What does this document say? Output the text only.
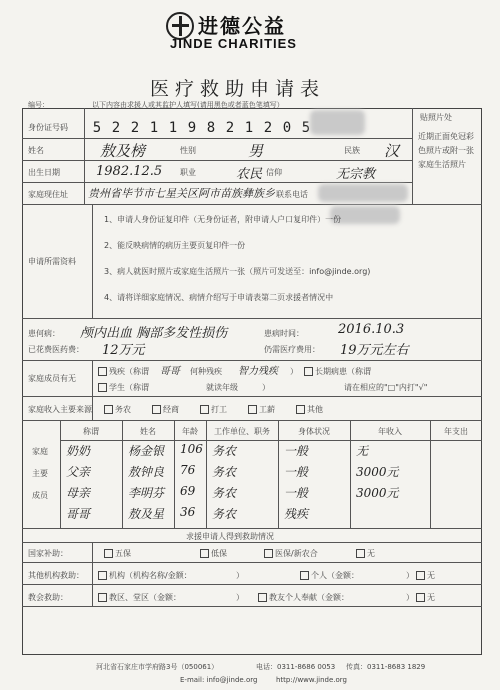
进德公益
JINDE CHARITIES
医疗救助申请表
编号：	以下内容由求援人或其监护人填写(请用黑色或者蓝色笔填写）
贴照片处
近期正面免冠彩色照片或附一张家庭生活照片
身份证号码	5 2 2 1 1 9 8 2 1 2 0 5
姓名	敖及榜	性别	男	民族 汉
出生日期	1982.12.5 职业	农民 信仰	无宗教
家庭现住址 贵州省毕节市七星关区阿市苗族彝族乡 联系电话
申请所需资料
1、申请人身份证复印件（无身份证者，附申请人户口复印件）一份
2、能反映病情的病历主要页复印件一份
3、病人就医时照片或家庭生活照片一张（照片可发送至：info@jinde.org)
4、请将详细家庭情况、病情介绍写于申请表第二页求援者情况中
患何病： 颅内出血 胸部多发性损伤
已花费医药费： 12万元
患病时间：	2016.10.3
仍需医疗费用： 19万元左右
家庭成员有无
残疾（称谓 哥哥 何种残疾 智力残疾 ）	长期病患（称谓
学生（称谓	就读年级	）	请在相应的"□"内打"√"
家庭收入主要来源	务农	经商	打工	工薪	其他
家庭
主要
成员
称谓	姓名	年龄	工作单位、职务	身体状况	年收入	年支出
奶奶	杨金银 106 务农	一般	无
父亲	敖钟良 76 务农	一般	3000元
母亲	李明芬 69 务农	一般	3000元
哥哥	敖及星 36 务农	残疾
求援申请人得到救助情况
国家补助：	五保	低保	医保/新农合	无
其他机构救助：	机构（机构名称/金额：	）	个人（金额：	）	无
教会救助：	教区、堂区（金额：	）	教友个人奉献（金额：	）	无
河北省石家庄市学府路3号（050061）	电话：0311-8686 0053 传真：0311-8683 1829
E-mail: info@jinde.org	http://www.jinde.org
